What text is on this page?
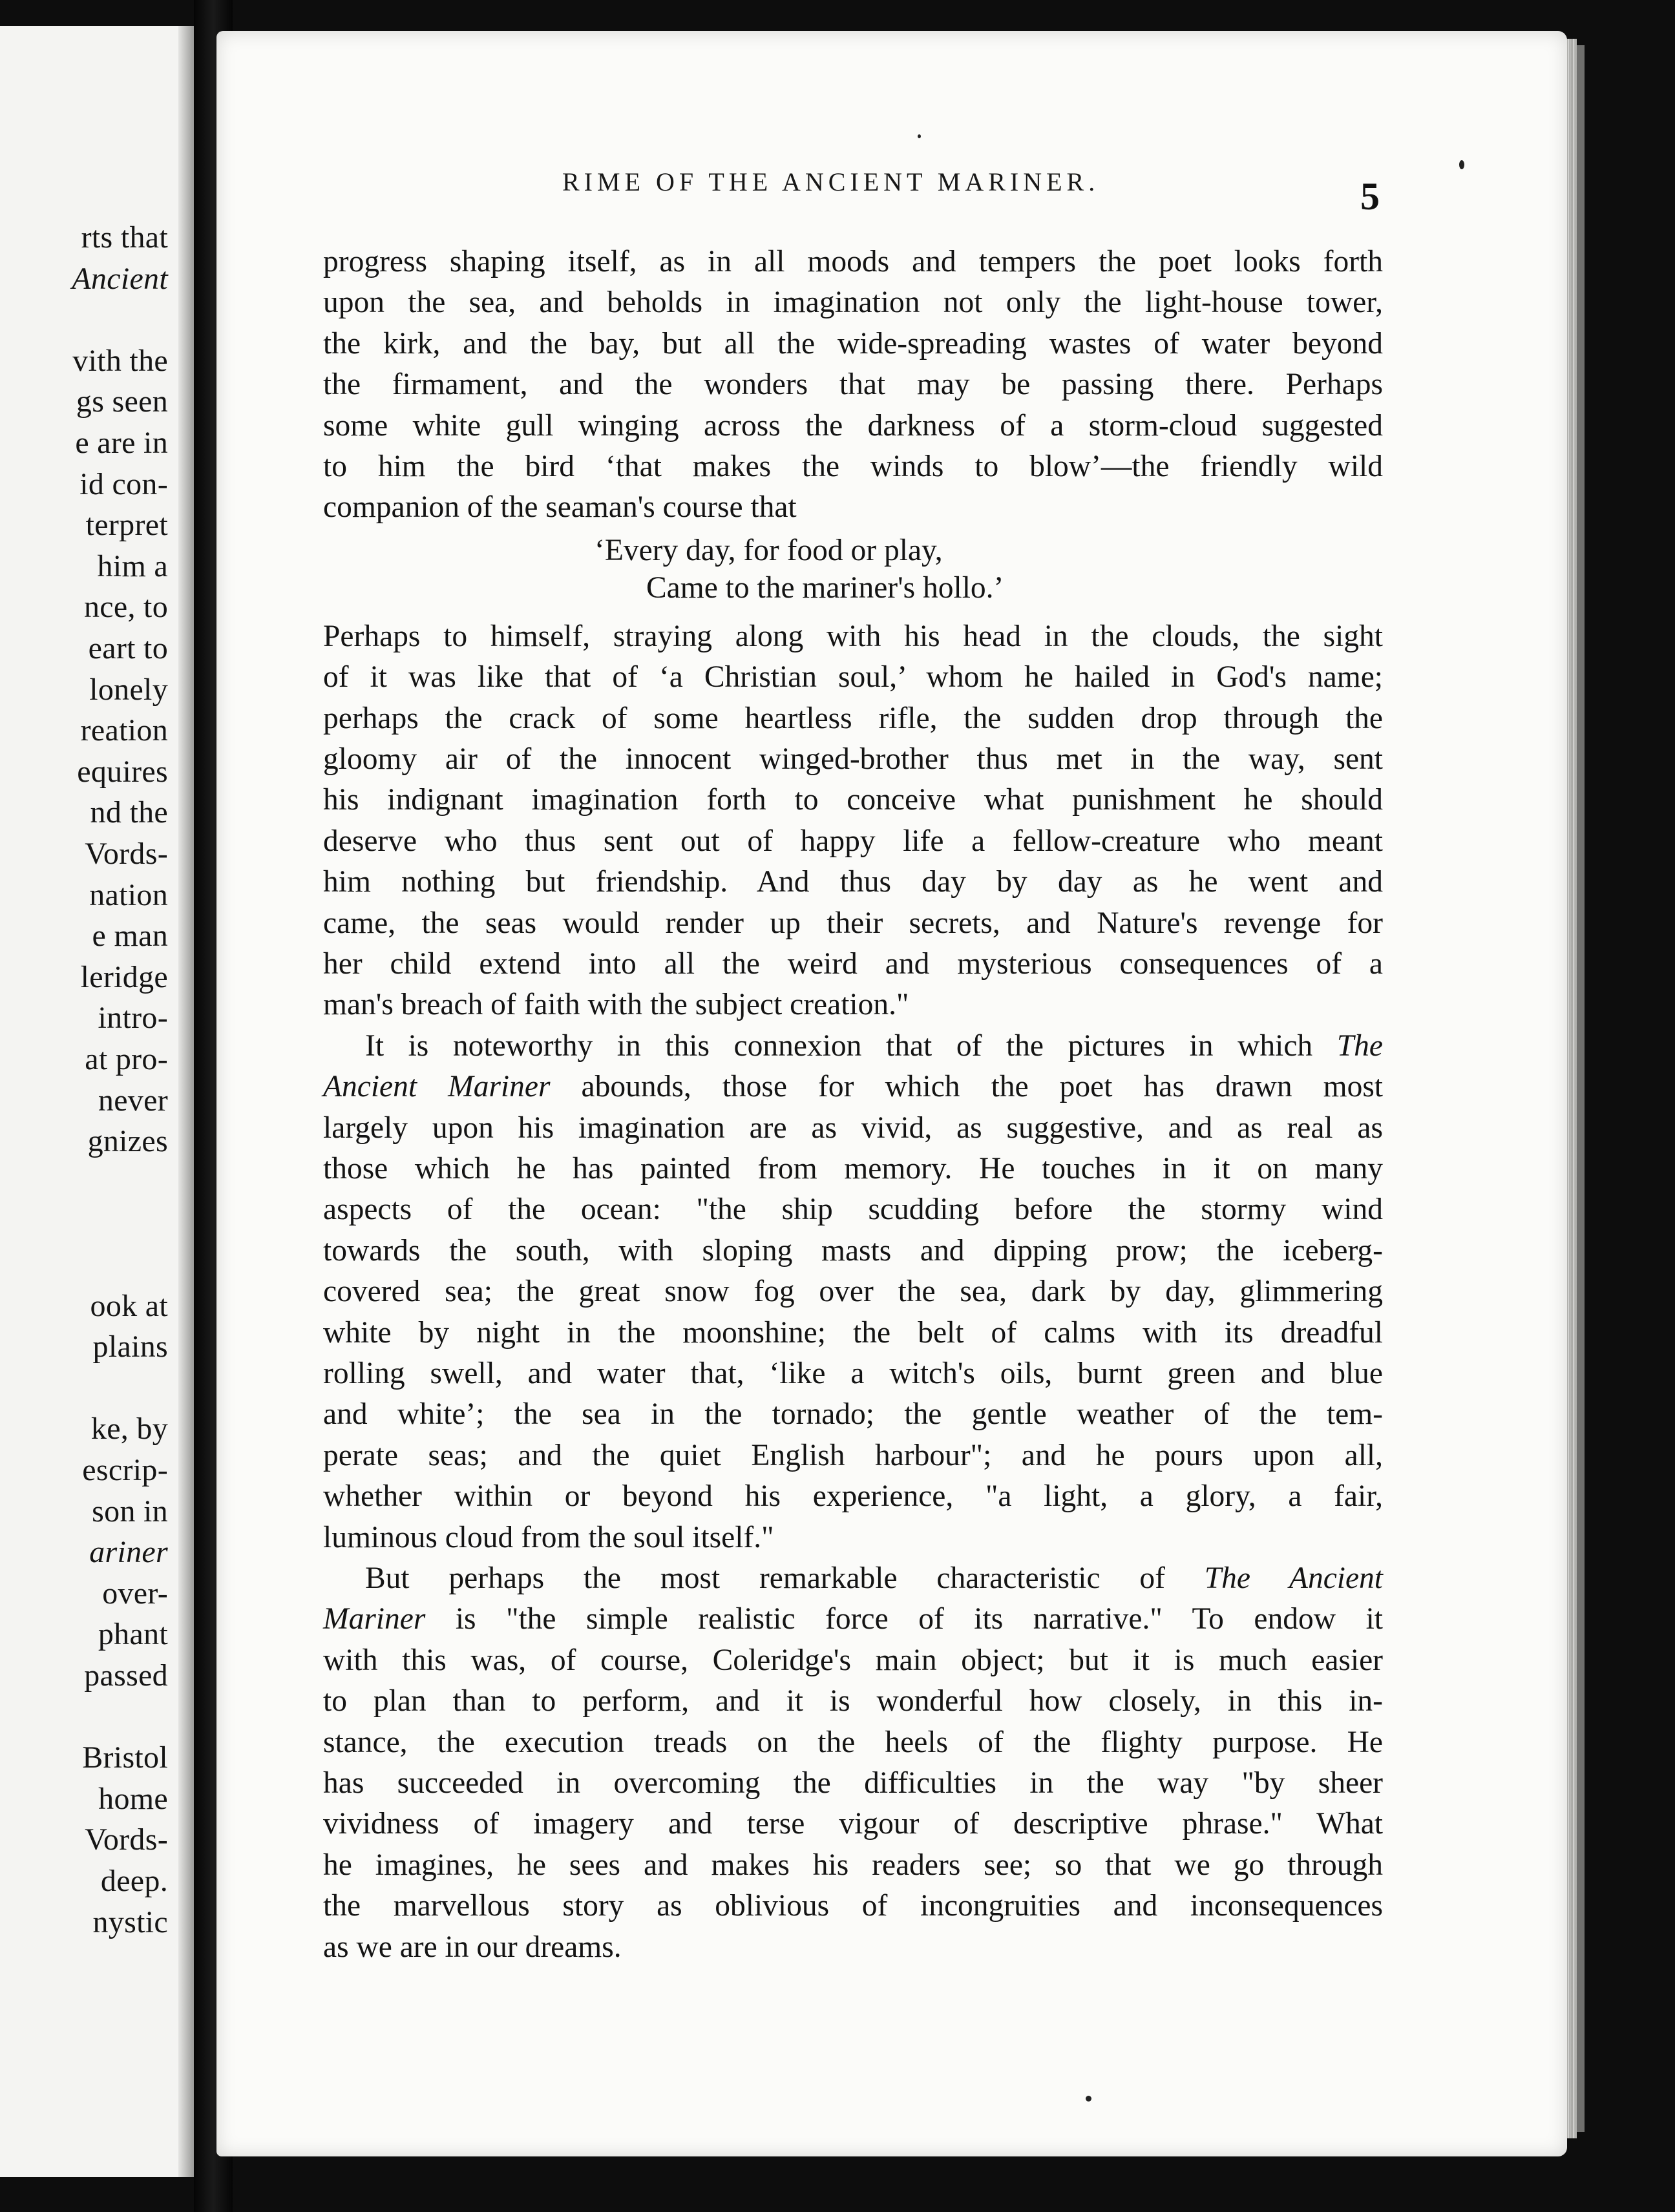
rts that
Ancient
vith the
gs seen
e are in
id con-
terpret
him a
nce, to
eart to
lonely
reation
equires
nd the
Vords-
nation
e man
leridge
intro-
at pro-
never
gnizes
ook at
plains
ke, by
escrip-
son in
ariner
over-
phant
passed
Bristol
home
Vords-
deep.
nystic
RIME OF THE ANCIENT MARINER.	5
progress shaping itself, as in all moods and tempers the poet looks forth
upon the sea, and beholds in imagination not only the light-house tower,
the kirk, and the bay, but all the wide-spreading wastes of water beyond
the firmament, and the wonders that may be passing there. Perhaps
some white gull winging across the darkness of a storm-cloud suggested
to him the bird ‘that makes the winds to blow’—the friendly wild
companion of the seaman's course that
Perhaps to himself, straying along with his head in the clouds, the sight
of it was like that of ‘a Christian soul,’ whom he hailed in God's name;
perhaps the crack of some heartless rifle, the sudden drop through the
gloomy air of the innocent winged-brother thus met in the way, sent
his indignant imagination forth to conceive what punishment he should
deserve who thus sent out of happy life a fellow-creature who meant
him nothing but friendship. And thus day by day as he went and
came, the seas would render up their secrets, and Nature's revenge for
her child extend into all the weird and mysterious consequences of a
man's breach of faith with the subject creation."
It is noteworthy in this connexion that of the pictures in which The
Ancient Mariner abounds, those for which the poet has drawn most
largely upon his imagination are as vivid, as suggestive, and as real as
those which he has painted from memory. He touches in it on many
aspects of the ocean: "the ship scudding before the stormy wind
towards the south, with sloping masts and dipping prow; the iceberg-
covered sea; the great snow fog over the sea, dark by day, glimmering
white by night in the moonshine; the belt of calms with its dreadful
rolling swell, and water that, ‘like a witch's oils, burnt green and blue
and white’; the sea in the tornado; the gentle weather of the tem-
perate seas; and the quiet English harbour"; and he pours upon all,
whether within or beyond his experience, "a light, a glory, a fair,
luminous cloud from the soul itself."
But perhaps the most remarkable characteristic of The Ancient
Mariner is "the simple realistic force of its narrative." To endow it
with this was, of course, Coleridge's main object; but it is much easier
to plan than to perform, and it is wonderful how closely, in this in-
stance, the execution treads on the heels of the flighty purpose. He
has succeeded in overcoming the difficulties in the way "by sheer
vividness of imagery and terse vigour of descriptive phrase." What
he imagines, he sees and makes his readers see; so that we go through
the marvellous story as oblivious of incongruities and inconsequences
as we are in our dreams.
‘Every day, for food or play,
Came to the mariner's hollo.’
